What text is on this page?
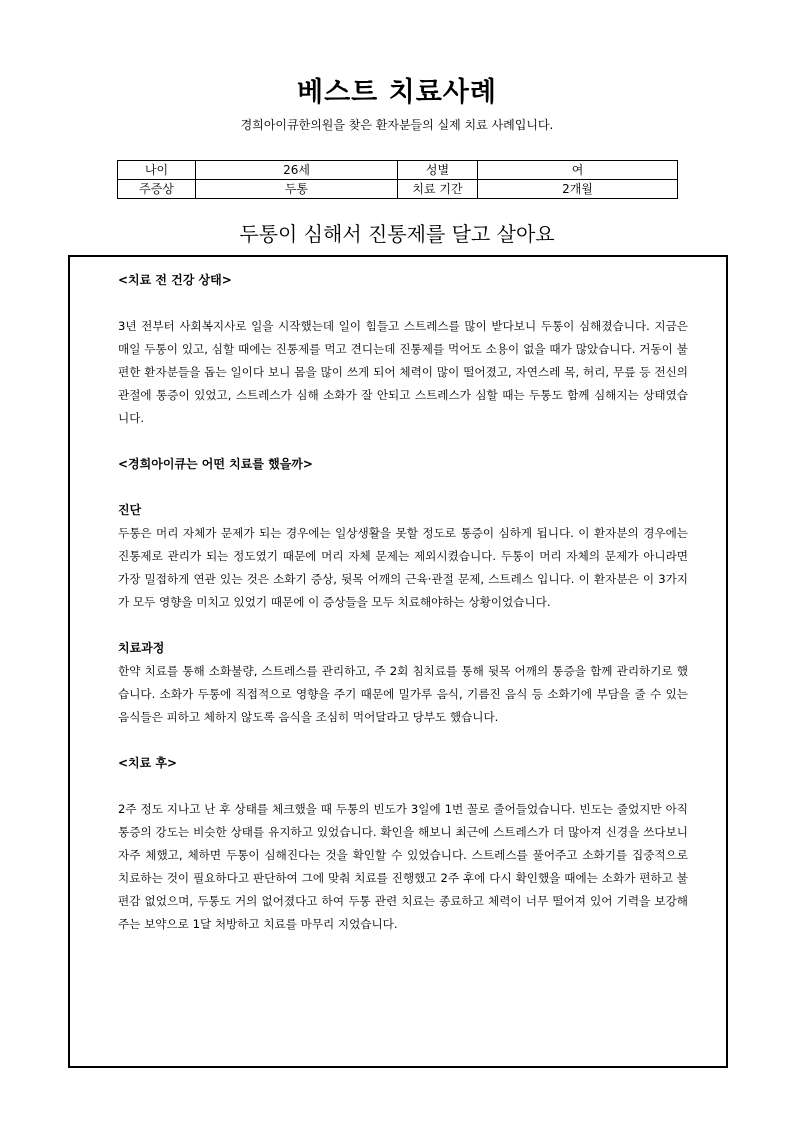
베스트 치료사례
경희아이큐한의원을 찾은 환자분들의 실제 치료 사례입니다.
나이	26세	성별	여
주증상	두통	치료 기간	2개월
두통이 심해서 진통제를 달고 살아요
<치료 전 건강 상태>

3년 전부터 사회복지사로 일을 시작했는데 일이 힘들고 스트레스를 많이 받다보니 두통이 심해졌습니다. 지금은 매일 두통이 있고, 심할 때에는 진통제를 먹고 견디는데 진통제를 먹어도 소용이 없을 때가 많았습니다. 거동이 불편한 환자분들을 돕는 일이다 보니 몸을 많이 쓰게 되어 체력이 많이 떨어졌고, 자연스레 목, 허리, 무릎 등 전신의 관절에 통증이 있었고, 스트레스가 심해 소화가 잘 안되고 스트레스가 심할 때는 두통도 함께 심해지는 상태였습니다.

<경희아이큐는 어떤 치료를 했을까>
진단

두통은 머리 자체가 문제가 되는 경우에는 일상생활을 못할 정도로 통증이 심하게 됩니다. 이 환자분의 경우에는 진통제로 관리가 되는 정도였기 때문에 머리 자체 문제는 제외시켰습니다. 두통이 머리 자체의 문제가 아니라면 가장 밀접하게 연관 있는 것은 소화기 증상, 뒷목 어깨의 근육·관절 문제, 스트레스 입니다. 이 환자분은 이 3가지가 모두 영향을 미치고 있었기 때문에 이 증상들을 모두 치료해야하는 상황이었습니다.

치료과정

한약 치료를 통해 소화불량, 스트레스를 관리하고, 주 2회 침치료를 통해 뒷목 어깨의 통증을 함께 관리하기로 했습니다. 소화가 두통에 직접적으로 영향을 주기 때문에 밀가루 음식, 기름진 음식 등 소화기에 부담을 줄 수 있는 음식들은 피하고 체하지 않도록 음식을 조심히 먹어달라고 당부도 했습니다.

<치료 후>

2주 정도 지나고 난 후 상태를 체크했을 때 두통의 빈도가 3일에 1번 꼴로 줄어들었습니다. 빈도는 줄었지만 아직 통증의 강도는 비슷한 상태를 유지하고 있었습니다. 확인을 해보니 최근에 스트레스가 더 많아져 신경을 쓰다보니 자주 체했고, 체하면 두통이 심해진다는 것을 확인할 수 있었습니다. 스트레스를 풀어주고 소화기를 집중적으로 치료하는 것이 필요하다고 판단하여 그에 맞춰 치료를 진행했고 2주 후에 다시 확인했을 때에는 소화가 편하고 불편감 없었으며, 두통도 거의 없어졌다고 하여 두통 관련 치료는 종료하고 체력이 너무 떨어져 있어 기력을 보강해주는 보약으로 1달 처방하고 치료를 마무리 지었습니다.
